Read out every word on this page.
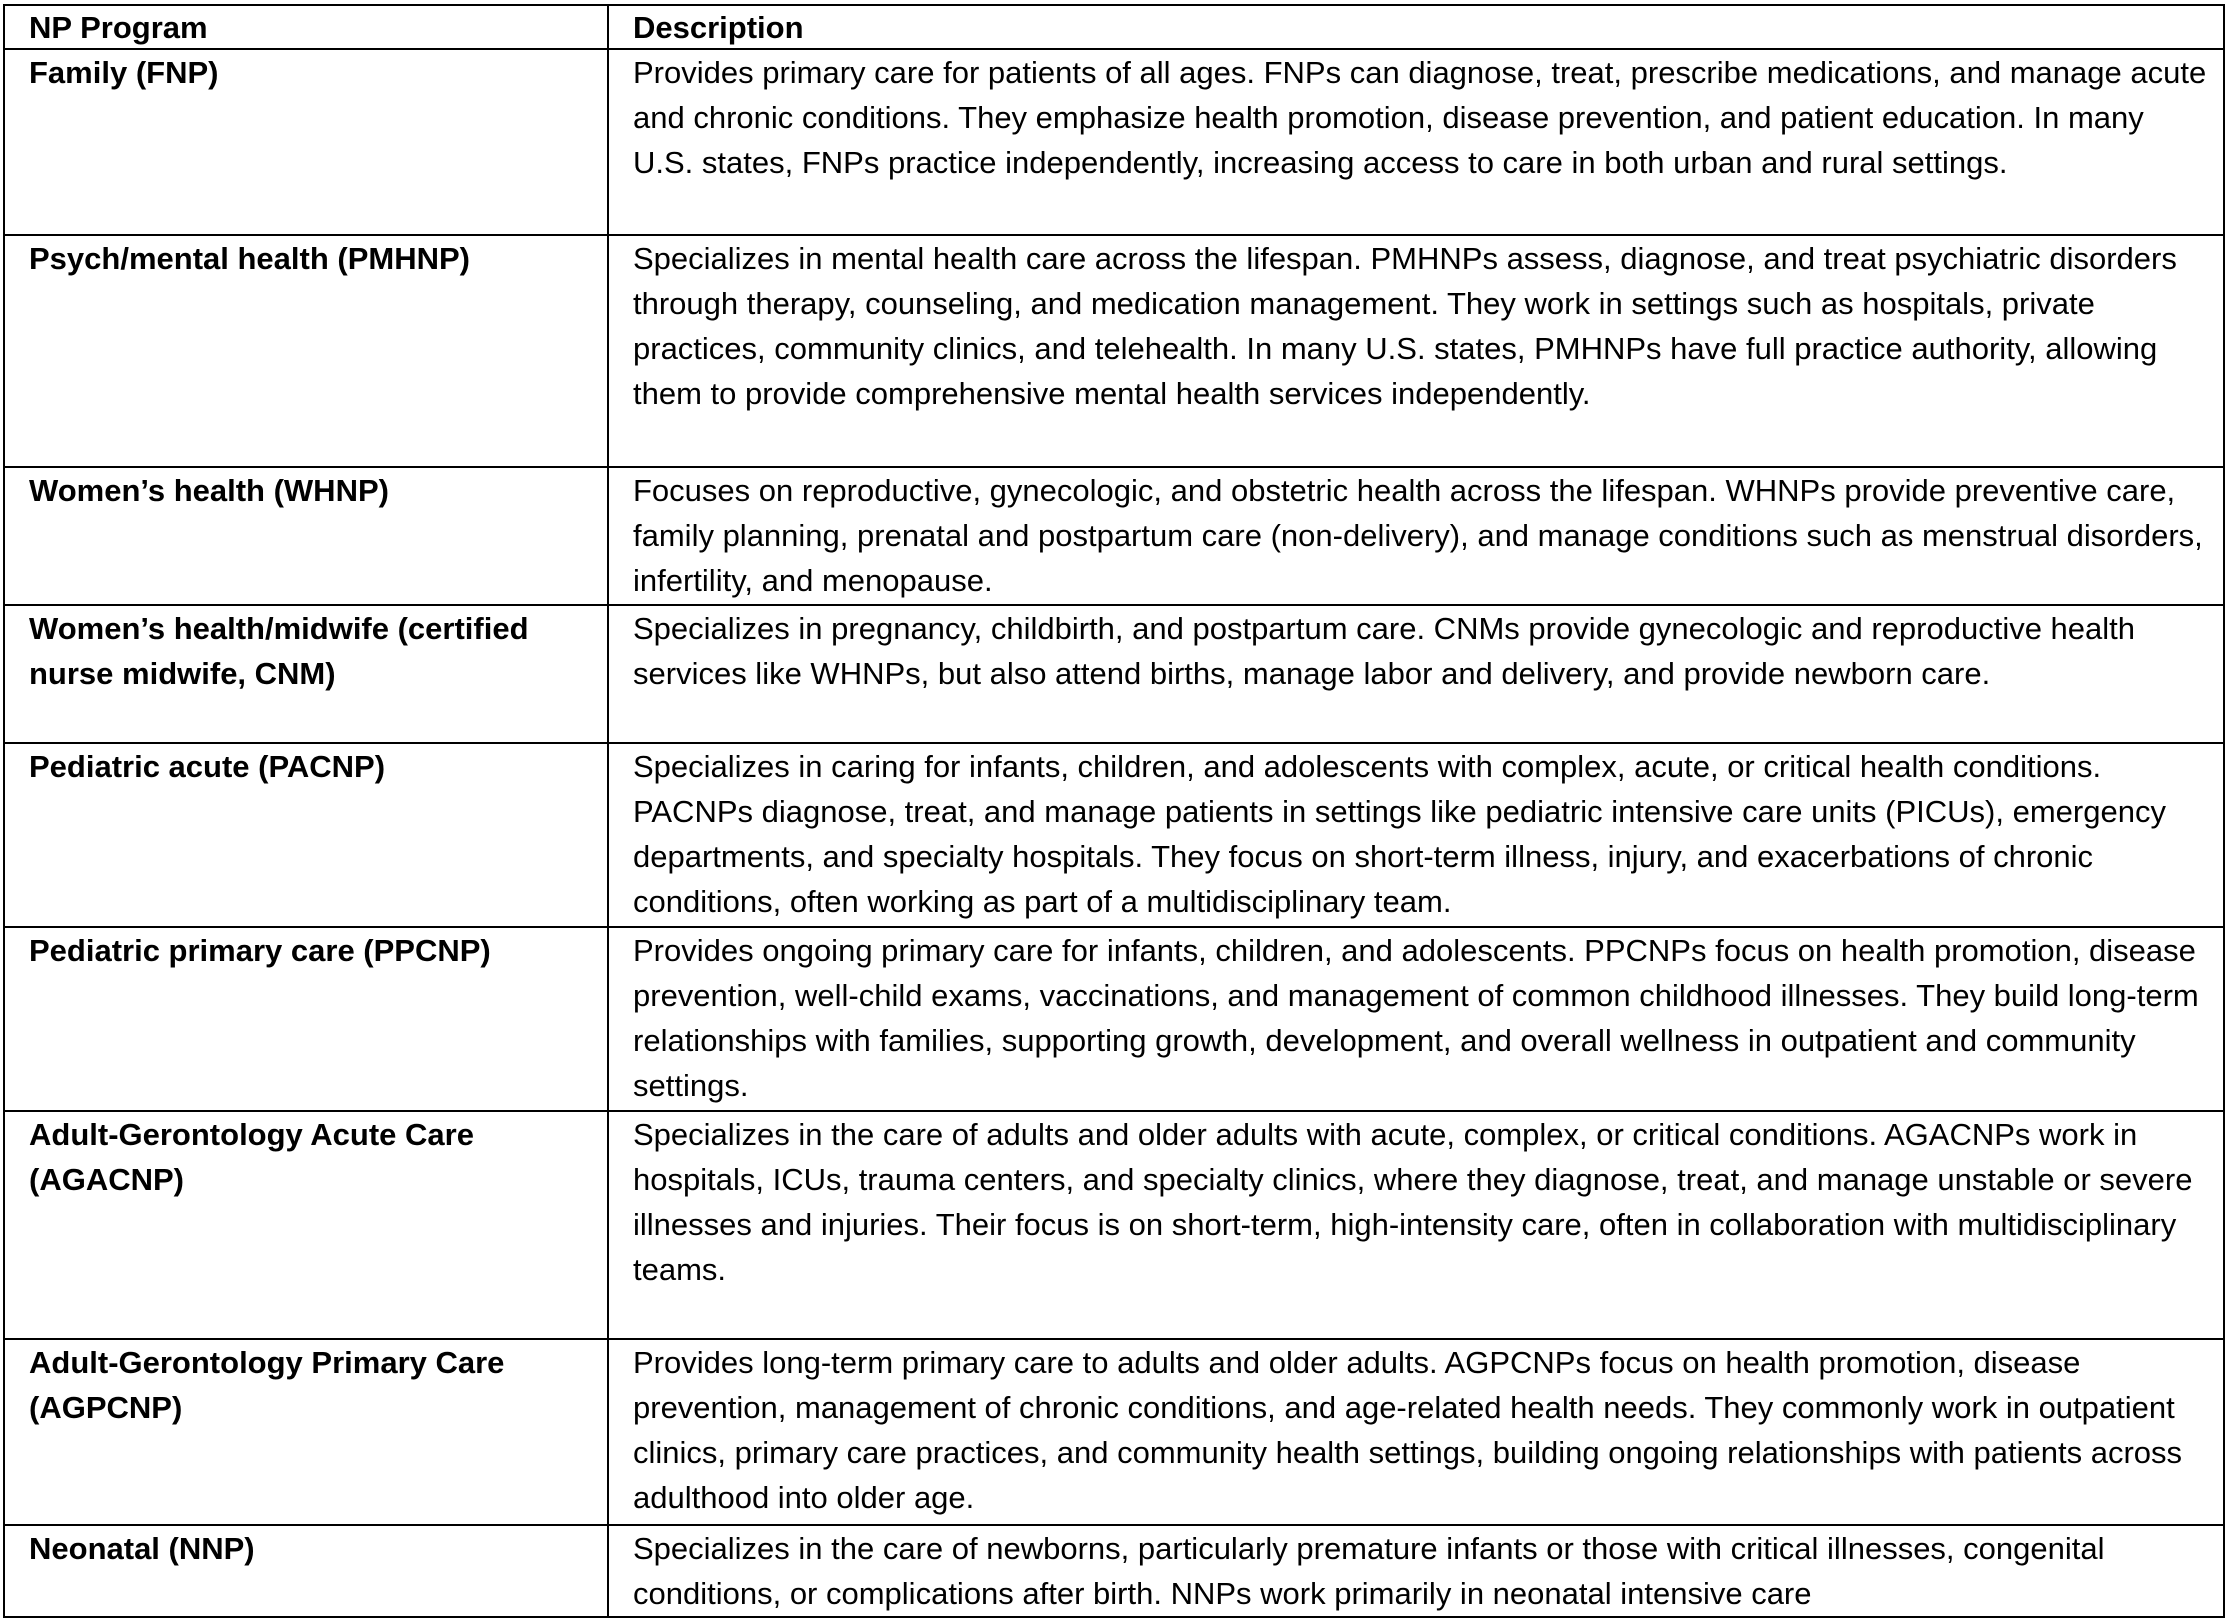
NP Program	Description
Family (FNP)	Provides primary care for patients of all ages. FNPs can diagnose, treat, prescribe medications, and manage acute and chronic conditions. They emphasize health promotion, disease prevention, and patient education. In many U.S. states, FNPs practice independently, increasing access to care in both urban and rural settings.
Psych/mental health (PMHNP)	Specializes in mental health care across the lifespan. PMHNPs assess, diagnose, and treat psychiatric disorders through therapy, counseling, and medication management. They work in settings such as hospitals, private practices, community clinics, and telehealth. In many U.S. states, PMHNPs have full practice authority, allowing them to provide comprehensive mental health services independently.
Women’s health (WHNP)	Focuses on reproductive, gynecologic, and obstetric health across the lifespan. WHNPs provide preventive care, family planning, prenatal and postpartum care (non-delivery), and manage conditions such as menstrual disorders, infertility, and menopause.
Women’s health/midwife (certified nurse midwife, CNM)	Specializes in pregnancy, childbirth, and postpartum care. CNMs provide gynecologic and reproductive health services like WHNPs, but also attend births, manage labor and delivery, and provide newborn care.
Pediatric acute (PACNP)	Specializes in caring for infants, children, and adolescents with complex, acute, or critical health conditions. PACNPs diagnose, treat, and manage patients in settings like pediatric intensive care units (PICUs), emergency departments, and specialty hospitals. They focus on short-term illness, injury, and exacerbations of chronic conditions, often working as part of a multidisciplinary team.
Pediatric primary care (PPCNP)	Provides ongoing primary care for infants, children, and adolescents. PPCNPs focus on health promotion, disease prevention, well-child exams, vaccinations, and management of common childhood illnesses. They build long-term relationships with families, supporting growth, development, and overall wellness in outpatient and community settings.
Adult-Gerontology Acute Care (AGACNP)	Specializes in the care of adults and older adults with acute, complex, or critical conditions. AGACNPs work in hospitals, ICUs, trauma centers, and specialty clinics, where they diagnose, treat, and manage unstable or severe illnesses and injuries. Their focus is on short-term, high-intensity care, often in collaboration with multidisciplinary teams.
Adult-Gerontology Primary Care (AGPCNP)	Provides long-term primary care to adults and older adults. AGPCNPs focus on health promotion, disease prevention, management of chronic conditions, and age-related health needs. They commonly work in outpatient clinics, primary care practices, and community health settings, building ongoing relationships with patients across adulthood into older age.
Neonatal (NNP)	Specializes in the care of newborns, particularly premature infants or those with critical illnesses, congenital conditions, or complications after birth. NNPs work primarily in neonatal intensive care
